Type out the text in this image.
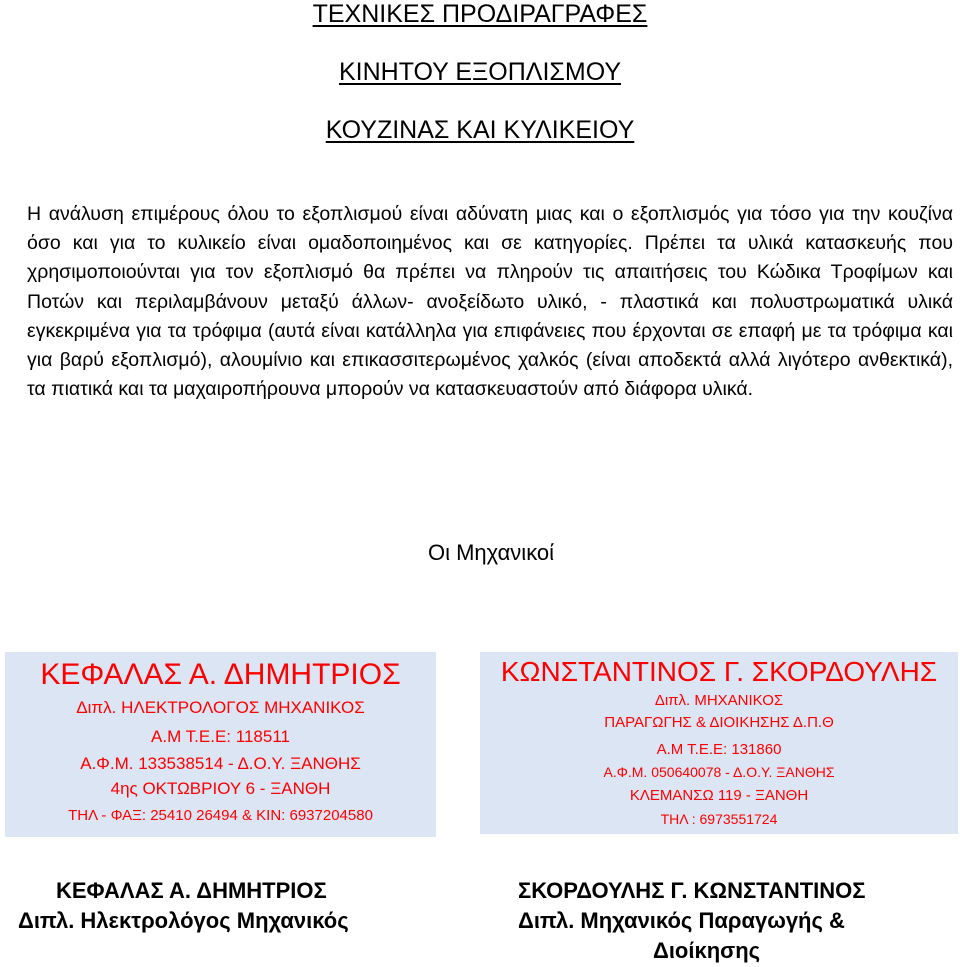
ΤΕΧΝΙΚΕΣ ΠΡΟΔΙΡΑΓΡΑΦΕΣ
ΚΙΝΗΤΟΥ ΕΞΟΠΛΙΣΜΟΥ
ΚΟΥΖΙΝΑΣ ΚΑΙ ΚΥΛΙΚΕΙΟΥ

Η ανάλυση επιμέρους όλου το εξοπλισμού είναι αδύνατη μιας και ο εξοπλισμός για τόσο για την κουζίνα όσο και για το κυλικείο είναι ομαδοποιημένος και σε κατηγορίες. Πρέπει τα υλικά κατασκευής που χρησιμοποιούνται για τον εξοπλισμό θα πρέπει να πληρούν τις απαιτήσεις του Κώδικα Τροφίμων και Ποτών και περιλαμβάνουν μεταξύ άλλων- ανοξείδωτο υλικό, - πλαστικά και πολυστρωματικά υλικά εγκεκριμένα για τα τρόφιμα (αυτά είναι κατάλληλα για επιφάνειες που έρχονται σε επαφή με τα τρόφιμα και για βαρύ εξοπλισμό), αλουμίνιο και επικασσιτερωμένος χαλκός (είναι αποδεκτά αλλά λιγότερο ανθεκτικά), τα πιατικά και τα μαχαιροπήρουνα μπορούν να κατασκευαστούν από διάφορα υλικά.

Οι Μηχανικοί
ΚΕΦΑΛΑΣ Α. ΔΗΜΗΤΡΙΟΣ
Διπλ. ΗΛΕΚΤΡΟΛΟΓΟΣ ΜΗΧΑΝΙΚΟΣ
Α.Μ Τ.Ε.Ε: 118511
Α.Φ.Μ. 133538514 - Δ.Ο.Υ. ΞΑΝΘΗΣ
4ης ΟΚΤΩΒΡΙΟΥ 6 - ΞΑΝΘΗ
ΤΗΛ - ΦΑΞ: 25410 26494 & ΚΙΝ: 6937204580
ΚΩΝΣΤΑΝΤΙΝΟΣ Γ. ΣΚΟΡΔΟΥΛΗΣ
Διπλ. ΜΗΧΑΝΙΚΟΣ
ΠΑΡΑΓΩΓΗΣ & ΔΙΟΙΚΗΣΗΣ Δ.Π.Θ
Α.Μ Τ.Ε.Ε: 131860
Α.Φ.Μ. 050640078 - Δ.Ο.Υ. ΞΑΝΘΗΣ
ΚΛΕΜΑΝΣΩ 119 - ΞΑΝΘΗ
ΤΗΛ : 6973551724
ΚΕΦΑΛΑΣ Α. ΔΗΜΗΤΡΙΟΣ
Διπλ. Ηλεκτρολόγος Μηχανικός
ΣΚΟΡΔΟΥΛΗΣ Γ. ΚΩΝΣΤΑΝΤΙΝΟΣ
Διπλ. Μηχανικός Παραγωγής &
Διοίκησης
